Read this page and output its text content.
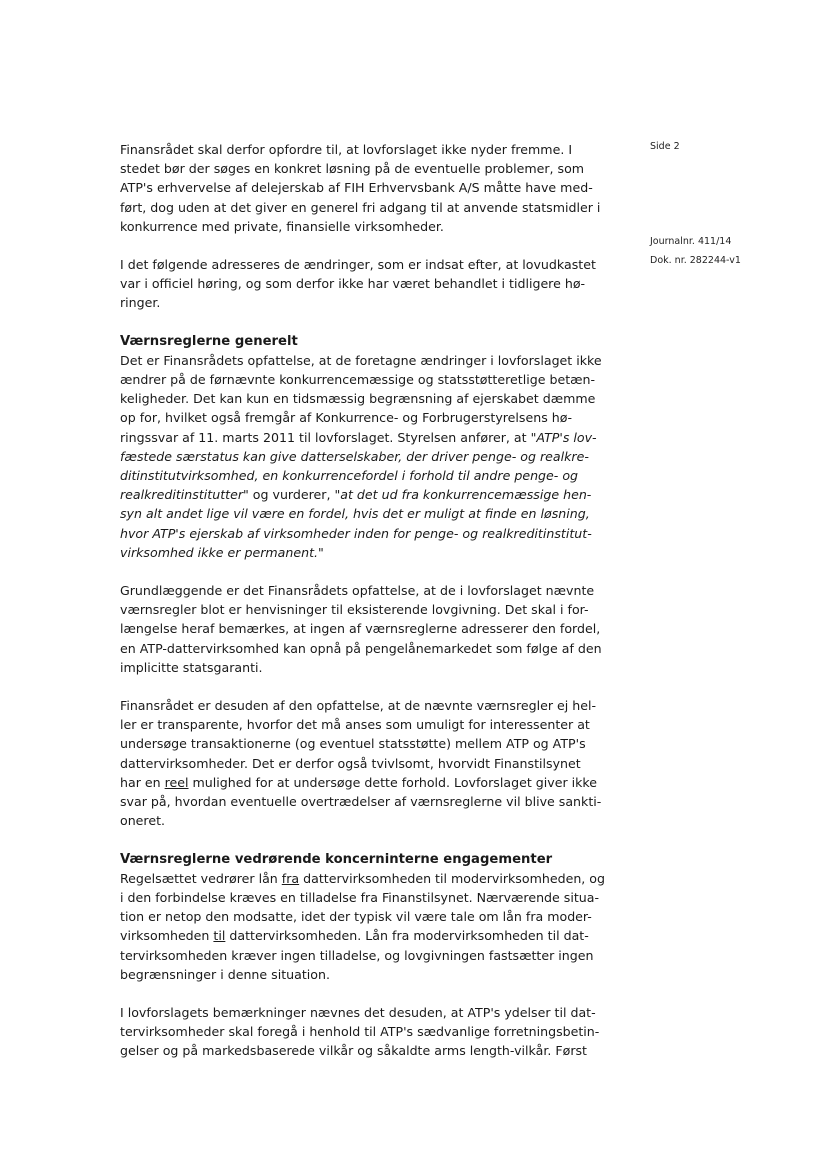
Side 2
Journalnr. 411/14
Dok. nr. 282244-v1

Finansrådet skal derfor opfordre til, at lovforslaget ikke nyder fremme. I
stedet bør der søges en konkret løsning på de eventuelle problemer, som
ATP's erhvervelse af delejerskab af FIH Erhvervsbank A/S måtte have med-
ført, dog uden at det giver en generel fri adgang til at anvende statsmidler i
konkurrence med private, finansielle virksomheder.

I det følgende adresseres de ændringer, som er indsat efter, at lovudkastet
var i officiel høring, og som derfor ikke har været behandlet i tidligere hø-
ringer.

Værnsreglerne generelt

Det er Finansrådets opfattelse, at de foretagne ændringer i lovforslaget ikke
ændrer på de førnævnte konkurrencemæssige og statsstøtteretlige betæn-
keligheder. Det kan kun en tidsmæssig begrænsning af ejerskabet dæmme
op for, hvilket også fremgår af Konkurrence- og Forbrugerstyrelsens hø-
ringssvar af 11. marts 2011 til lovforslaget. Styrelsen anfører, at "ATP's lov-
fæstede særstatus kan give datterselskaber, der driver penge- og realkre-
ditinstitutvirksomhed, en konkurrencefordel i forhold til andre penge- og
realkreditinstitutter" og vurderer, "at det ud fra konkurrencemæssige hen-
syn alt andet lige vil være en fordel, hvis det er muligt at finde en løsning,
hvor ATP's ejerskab af virksomheder inden for penge- og realkreditinstitut-
virksomhed ikke er permanent."

Grundlæggende er det Finansrådets opfattelse, at de i lovforslaget nævnte
værnsregler blot er henvisninger til eksisterende lovgivning. Det skal i for-
længelse heraf bemærkes, at ingen af værnsreglerne adresserer den fordel,
en ATP-dattervirksomhed kan opnå på pengelånemarkedet som følge af den
implicitte statsgaranti.

Finansrådet er desuden af den opfattelse, at de nævnte værnsregler ej hel-
ler er transparente, hvorfor det må anses som umuligt for interessenter at
undersøge transaktionerne (og eventuel statsstøtte) mellem ATP og ATP's
dattervirksomheder. Det er derfor også tvivlsomt, hvorvidt Finanstilsynet
har en reel mulighed for at undersøge dette forhold. Lovforslaget giver ikke
svar på, hvordan eventuelle overtrædelser af værnsreglerne vil blive sankti-
oneret.

Værnsreglerne vedrørende koncerninterne engagementer

Regelsættet vedrører lån fra dattervirksomheden til modervirksomheden, og
i den forbindelse kræves en tilladelse fra Finanstilsynet. Nærværende situa-
tion er netop den modsatte, idet der typisk vil være tale om lån fra moder-
virksomheden til dattervirksomheden. Lån fra modervirksomheden til dat-
tervirksomheden kræver ingen tilladelse, og lovgivningen fastsætter ingen
begrænsninger i denne situation.

I lovforslagets bemærkninger nævnes det desuden, at ATP's ydelser til dat-
tervirksomheder skal foregå i henhold til ATP's sædvanlige forretningsbetin-
gelser og på markedsbaserede vilkår og såkaldte arms length-vilkår. Først
